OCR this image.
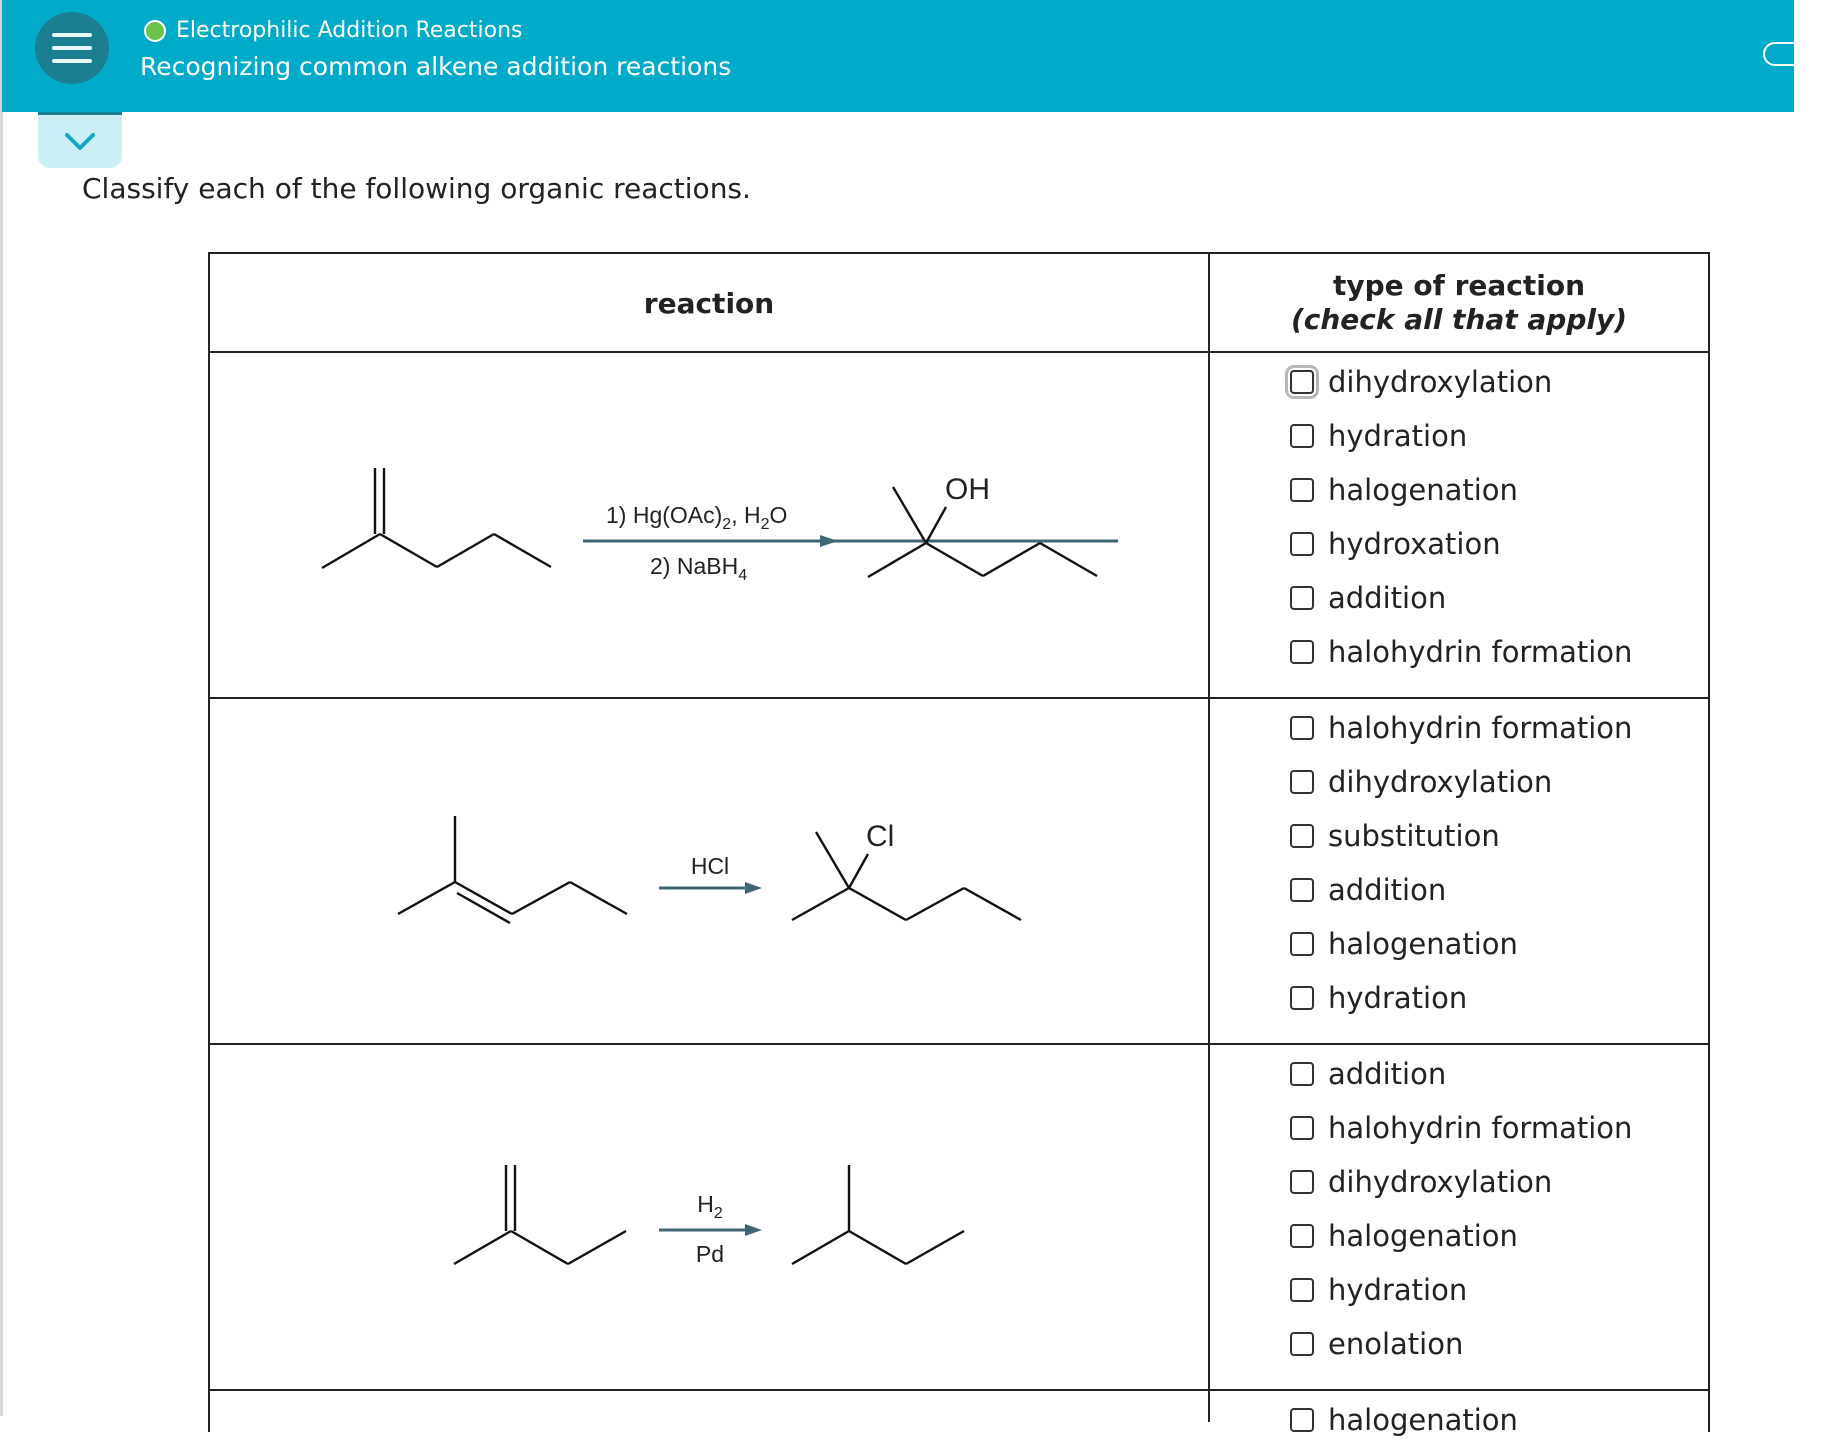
Electrophilic Addition Reactions
Recognizing common alkene addition reactions
Classify each of the following organic reactions.
reaction
type of reaction
(check all that apply)
1) $Hg(OAc)_2$, $H_2O$
2) NaBH$_4$
OH
HCl
Cl
$H_2$
Pd
dihydroxylation
hydration
halogenation
hydroxation
addition
halohydrin formation
halohydrin formation
dihydroxylation
substitution
addition
halogenation
hydration
addition
halohydrin formation
dihydroxylation
halogenation
hydration
enolation
halogenation
